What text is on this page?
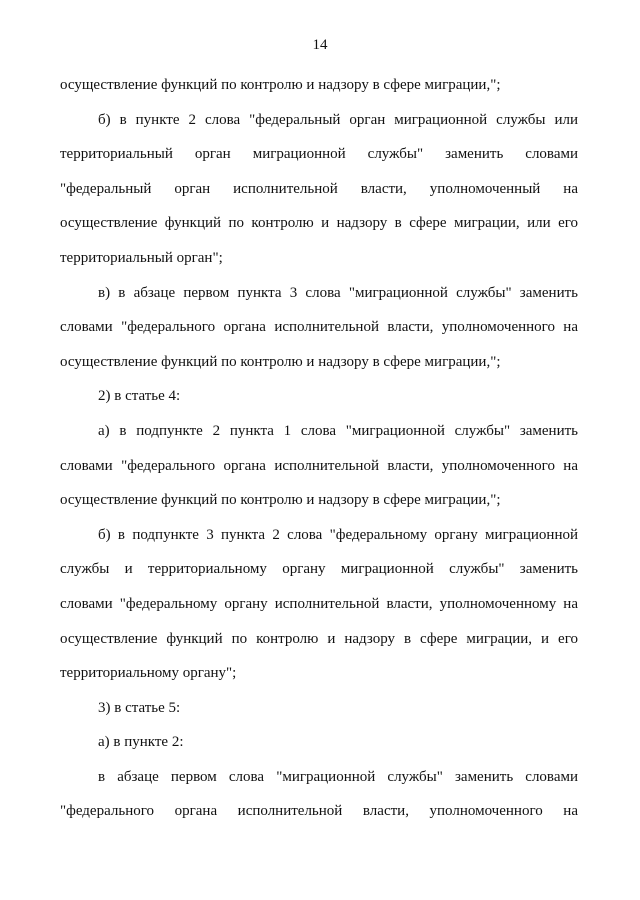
14
осуществление функций по контролю и надзору в сфере миграции,";
б) в пункте 2 слова "федеральный орган миграционной службы или
территориальный орган миграционной службы" заменить словами
"федеральный орган исполнительной власти, уполномоченный на
осуществление функций по контролю и надзору в сфере миграции, или его
территориальный орган";
в) в абзаце первом пункта 3 слова "миграционной службы" заменить
словами "федерального органа исполнительной власти, уполномоченного на
осуществление функций по контролю и надзору в сфере миграции,";
2) в статье 4:
а) в подпункте 2 пункта 1 слова "миграционной службы" заменить
словами "федерального органа исполнительной власти, уполномоченного на
осуществление функций по контролю и надзору в сфере миграции,";
б) в подпункте 3 пункта 2 слова "федеральному органу миграционной
службы и территориальному органу миграционной службы" заменить
словами "федеральному органу исполнительной власти, уполномоченному на
осуществление функций по контролю и надзору в сфере миграции, и его
территориальному органу";
3) в статье 5:
а) в пункте 2:
в абзаце первом слова "миграционной службы" заменить словами
"федерального органа исполнительной власти, уполномоченного на
